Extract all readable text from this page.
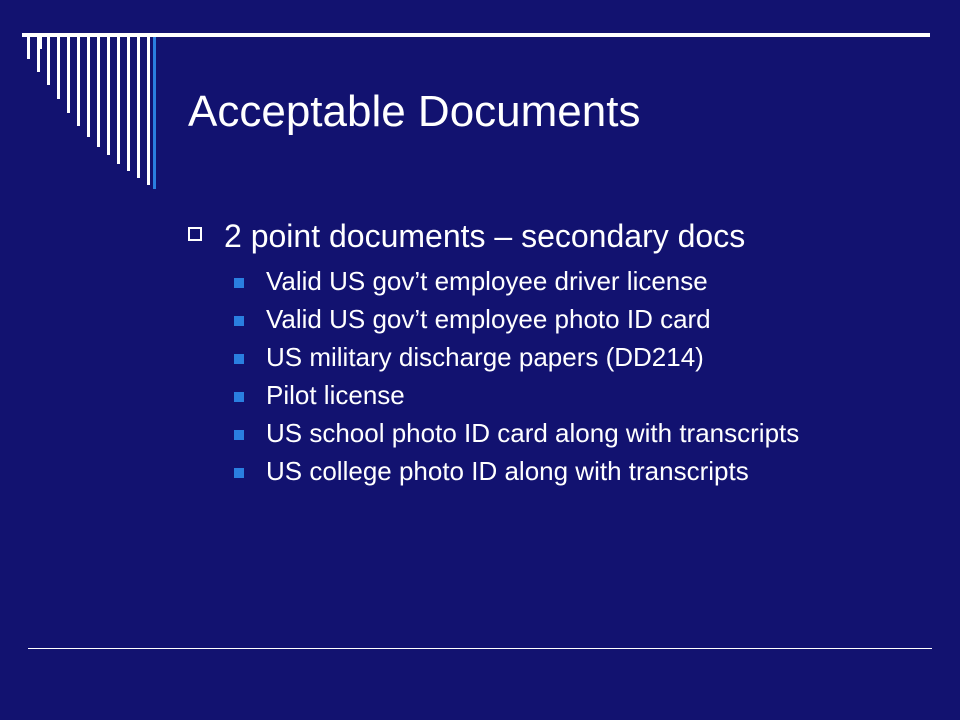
Acceptable Documents
2 point documents – secondary docs
Valid US gov’t employee driver license
Valid US gov’t employee photo ID card
US military discharge papers (DD214)
Pilot license
US school photo ID card along with transcripts
US college photo ID along with transcripts
